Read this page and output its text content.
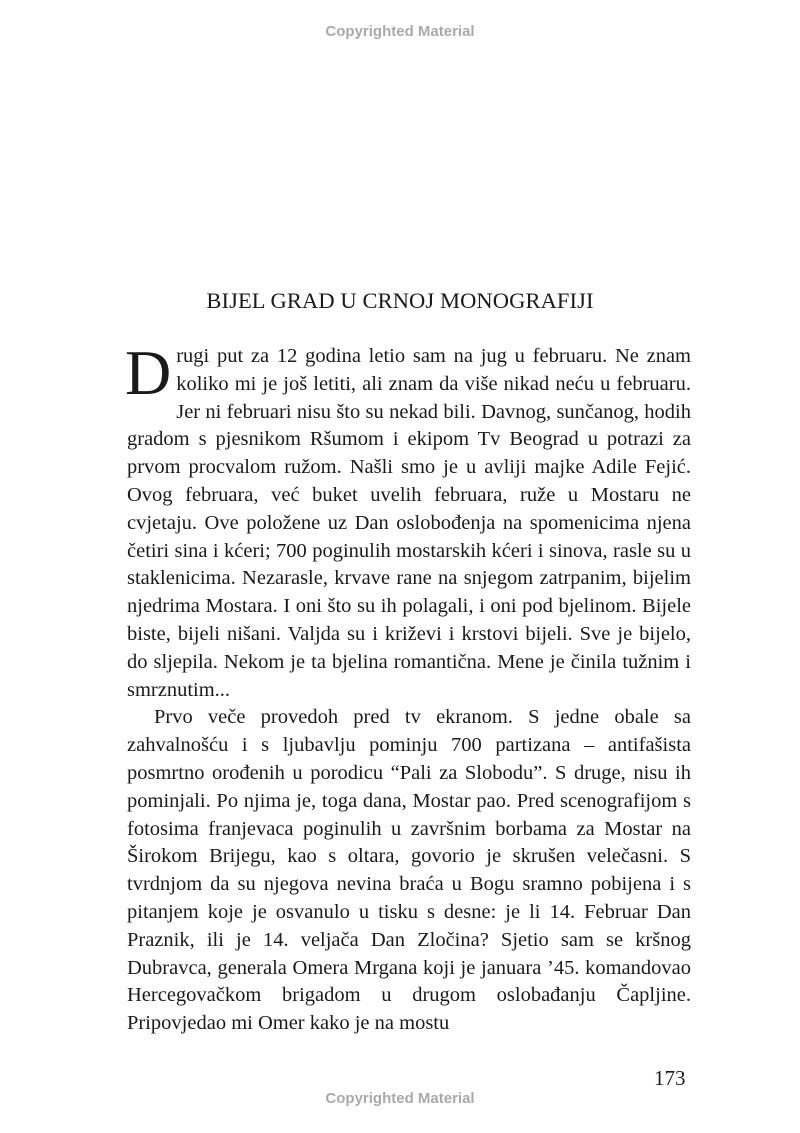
Copyrighted Material
BIJEL GRAD U CRNOJ MONOGRAFIJI

Drugi put za 12 godina letio sam na jug u februaru. Ne znam koliko mi je još letiti, ali znam da više nikad neću u februaru. Jer ni februari nisu što su nekad bili. Davnog, sunčanog, hodih gradom s pjesnikom Ršumom i ekipom Tv Beograd u potrazi za prvom procvalom ružom. Našli smo je u avliji majke Adile Fejić. Ovog februara, već buket uvelih februara, ruže u Mostaru ne cvjetaju. Ove položene uz Dan oslobođenja na spomenicima njena četiri sina i kćeri; 700 poginulih mostarskih kćeri i sinova, rasle su u staklenicima. Nezarasle, krvave rane na snjegom zatrpanim, bijelim njedrima Mostara. I oni što su ih polagali, i oni pod bjelinom. Bijele biste, bijeli nišani. Valjda su i križevi i krstovi bijeli. Sve je bijelo, do sljepila. Nekom je ta bjelina romantična. Mene je činila tužnim i smrznutim...

Prvo veče provedoh pred tv ekranom. S jedne obale sa zahvalnošću i s ljubavlju pominju 700 partizana – antifašista posmrtno orođenih u porodicu “Pali za Slobodu”. S druge, nisu ih pominjali. Po njima je, toga dana, Mostar pao. Pred scenografijom s fotosima franjevaca poginulih u završnim borbama za Mostar na Širokom Brijegu, kao s oltara, govorio je skrušen velečasni. S tvrdnjom da su njegova nevina braća u Bogu sramno pobijena i s pitanjem koje je osvanulo u tisku s desne: je li 14. Februar Dan Praznik, ili je 14. veljača Dan Zločina? Sjetio sam se kršnog Dubravca, generala Omera Mrgana koji je januara ’45. komandovao Hercegovačkom brigadom u drugom oslobađanju Čapljine. Pripovjedao mi Omer kako je na mostu

173
Copyrighted Material
